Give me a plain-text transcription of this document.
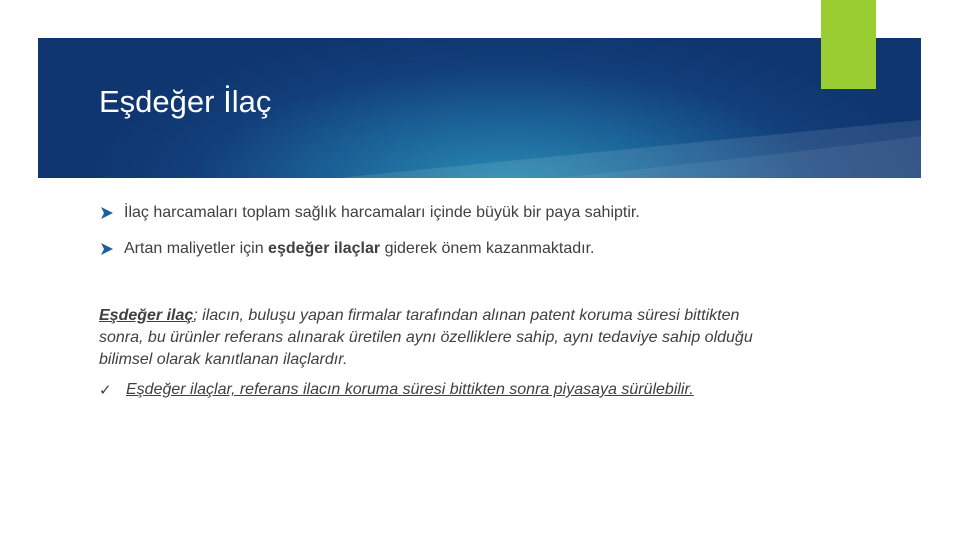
Eşdeğer İlaç
İlaç harcamaları toplam sağlık harcamaları içinde büyük bir paya sahiptir.
Artan maliyetler için eşdeğer ilaçlar giderek önem kazanmaktadır.
Eşdeğer ilaç; ilacın, buluşu yapan firmalar tarafından alınan patent koruma süresi bittikten sonra, bu ürünler referans alınarak üretilen aynı özelliklere sahip, aynı tedaviye sahip olduğu bilimsel olarak kanıtlanan ilaçlardır.
✓ Eşdeğer ilaçlar, referans ilacın koruma süresi bittikten sonra piyasaya sürülebilir.
